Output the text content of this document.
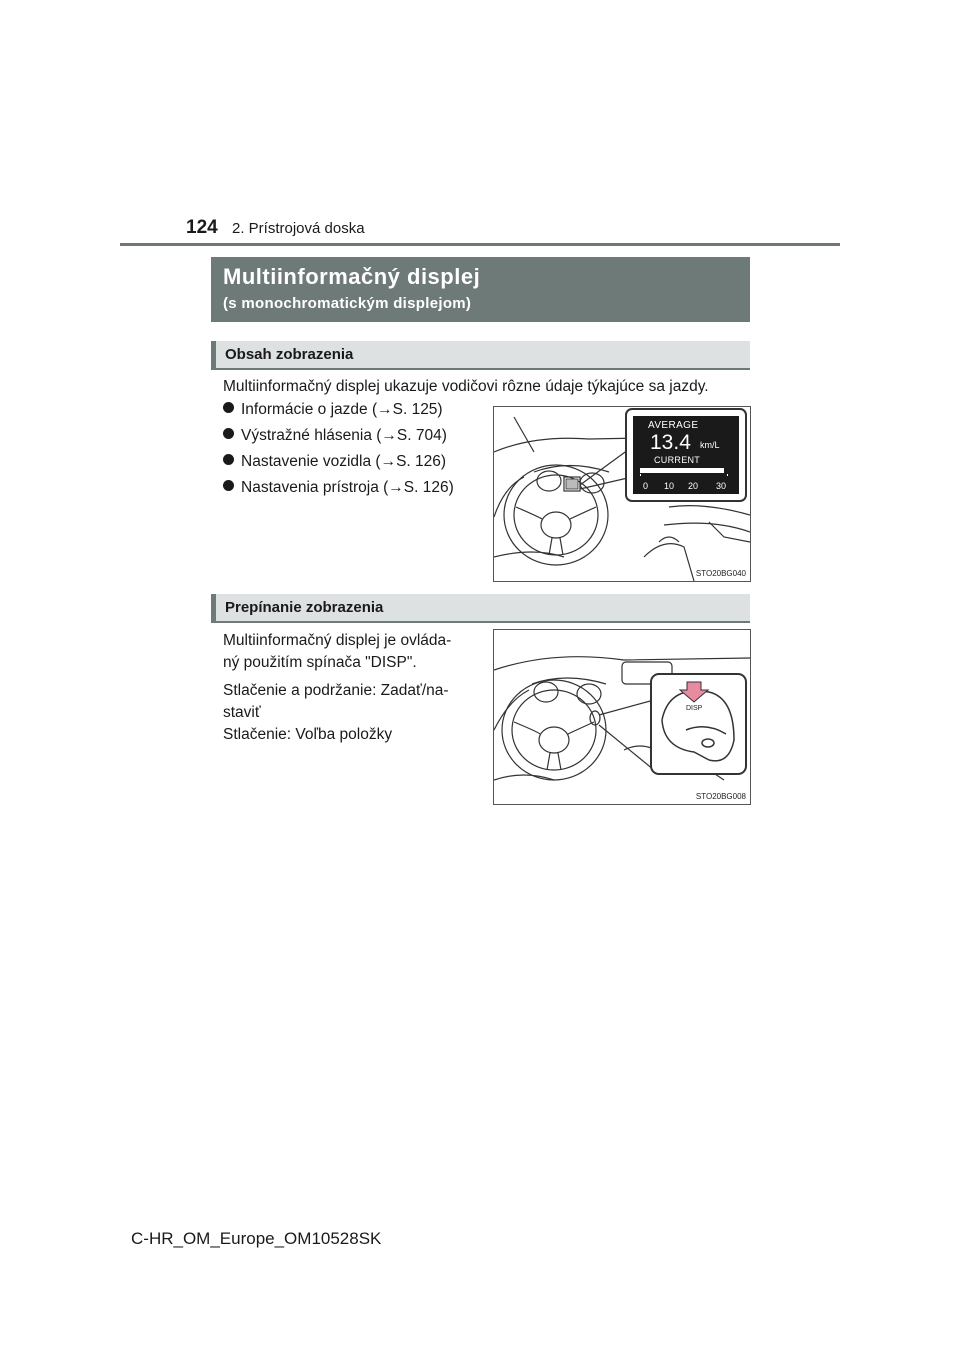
124 2. Prístrojová doska
Multiinformačný displej
(s monochromatickým displejom)
Obsah zobrazenia
Multiinformačný displej ukazuje vodičovi rôzne údaje týkajúce sa jazdy.
Informácie o jazde (→S. 125)
Výstražné hlásenia (→S. 704)
Nastavenie vozidla (→S. 126)
Nastavenia prístroja (→S. 126)
AVERAGE
13.4 km/L
CURRENT
0 10 20 30
STO20BG040
Prepínanie zobrazenia
Multiinformačný displej je ovláda-
ný použitím spínača "DISP".
Stlačenie a podržanie: Zadať/na-
staviť
Stlačenie: Voľba položky
DISP
STO20BG008
C-HR_OM_Europe_OM10528SK
